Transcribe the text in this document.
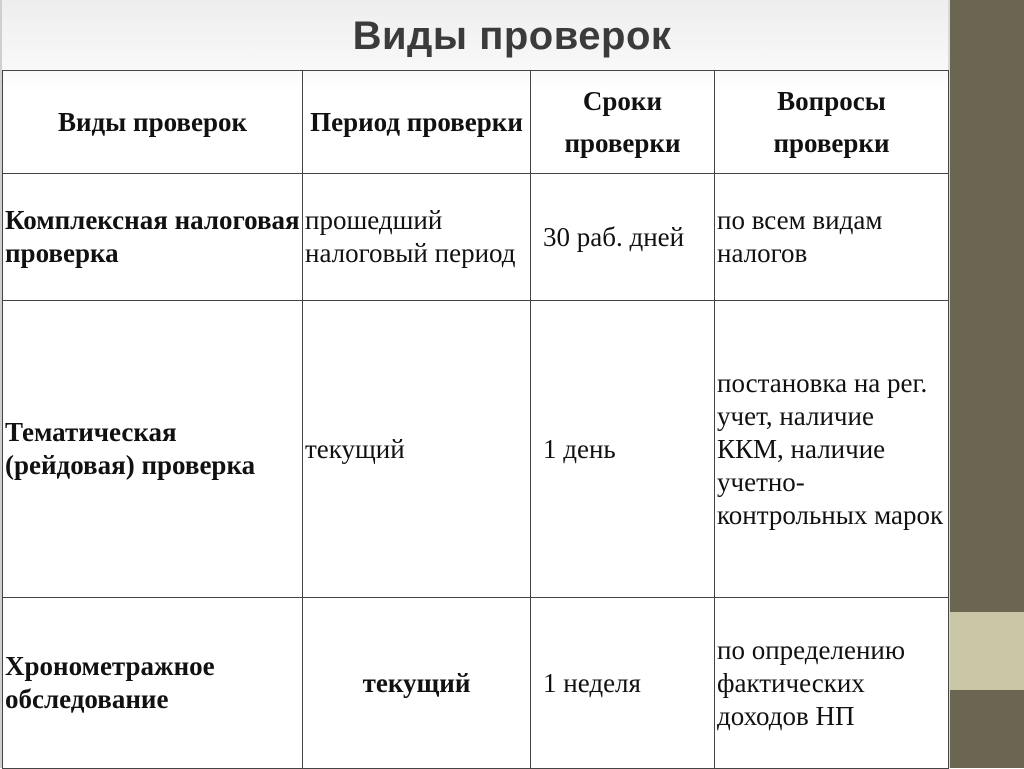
Виды проверок
Виды проверок	Период проверки	Сроки проверки	Вопросы проверки
Комплексная налоговая проверка	прошедший налоговый период	30 раб. дней	по всем видам налогов
Тематическая (рейдовая) проверка	текущий	1 день	постановка на рег. учет, наличие ККМ, наличие учетно-контрольных марок
Хронометражное обследование	текущий	1 неделя	по определению фактических доходов НП
